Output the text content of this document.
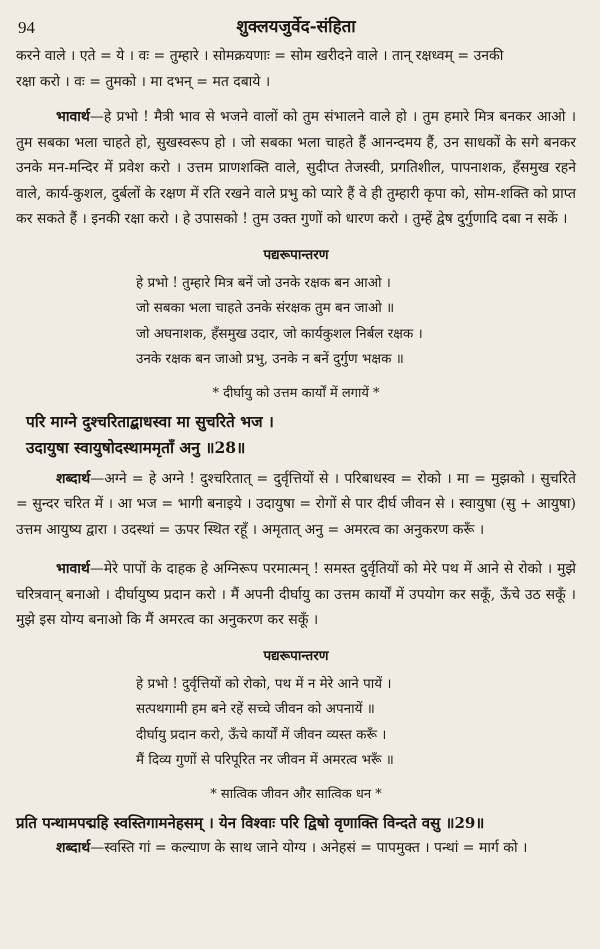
94	शुक्लयजुर्वेद-संहिता

करने वाले । एते = ये । वः = तुम्हारे । सोमक्रयणाः = सोम खरीदने वाले । तान् रक्षध्वम् = उनकी

रक्षा करो । वः = तुमको । मा दभन् = मत दबाये ।

भावार्थ—हे प्रभो ! मैत्री भाव से भजने वालों को तुम संभालने वाले हो । तुम हमारे मित्र बनकर आओ । तुम सबका भला चाहते हो, सुखस्वरूप हो । जो सबका भला चाहते हैं आनन्दमय हैं, उन साधकों के सगे बनकर उनके मन-मन्दिर में प्रवेश करो । उत्तम प्राणशक्ति वाले, सुदीप्त तेजस्वी, प्रगतिशील, पापनाशक, हँसमुख रहने वाले, कार्य-कुशल, दुर्बलों के रक्षण में रति रखने वाले प्रभु को प्यारे हैं वे ही तुम्हारी कृपा को, सोम-शक्ति को प्राप्त कर सकते हैं । इनकी रक्षा करो । हे उपासको ! तुम उक्त गुणों को धारण करो । तुम्हें द्वेष दुर्गुणादि दबा न सकें ।

पद्यरूपान्तरण
हे प्रभो ! तुम्हारे मित्र बनें जो उनके रक्षक बन आओ ।
जो सबका भला चाहते उनके संरक्षक तुम बन जाओ ॥
जो अघनाशक, हँसमुख उदार, जो कार्यकुशल निर्बल रक्षक ।
उनके रक्षक बन जाओ प्रभु, उनके न बनें दुर्गुण भक्षक ॥
* दीर्घायु को उत्तम कार्यों में लगायें *
परि माग्ने दुश्चरिताद्बाधस्वा मा सुचरिते भज ।
उदायुषा स्वायुषोदस्थाममृताँ अनु ॥28॥

शब्दार्थ—अग्ने = हे अग्ने ! दुश्चरितात् = दुर्वृत्तियों से । परिबाधस्व = रोको । मा = मुझको । सुचरिते = सुन्दर चरित में । आ भज = भागी बनाइये । उदायुषा = रोगों से पार दीर्घ जीवन से । स्वायुषा (सु + आयुषा) उत्तम आयुष्य द्वारा । उदस्थां = ऊपर स्थित रहूँ । अमृतात् अनु = अमरत्व का अनुकरण करूँ ।

भावार्थ—मेरे पापों के दाहक हे अग्निरूप परमात्मन् ! समस्त दुर्वृतियों को मेरे पथ में आने से रोको । मुझे चरित्रवान् बनाओ । दीर्घायुष्य प्रदान करो । मैं अपनी दीर्घायु का उत्तम कार्यों में उपयोग कर सकूँ, ऊँचे उठ सकूँ । मुझे इस योग्य बनाओ कि मैं अमरत्व का अनुकरण कर सकूँ ।

पद्यरूपान्तरण
हे प्रभो ! दुर्वृत्तियों को रोको, पथ में न मेरे आने पायें ।
सत्पथगामी हम बने रहें सच्चे जीवन को अपनायें ॥
दीर्घायु प्रदान करो, ऊँचे कार्यों में जीवन व्यस्त करूँ ।
मैं दिव्य गुणों से परिपूरित नर जीवन में अमरत्व भरूँ ॥
* सात्विक जीवन और सात्विक धन *
प्रति पन्थामपद्महि स्वस्तिगामनेहसम् । येन विश्वाः परि द्विषो वृणाक्ति विन्दते वसु ॥29॥

शब्दार्थ—स्वस्ति गां = कल्याण के साथ जाने योग्य । अनेहसं = पापमुक्त । पन्थां = मार्ग को ।
